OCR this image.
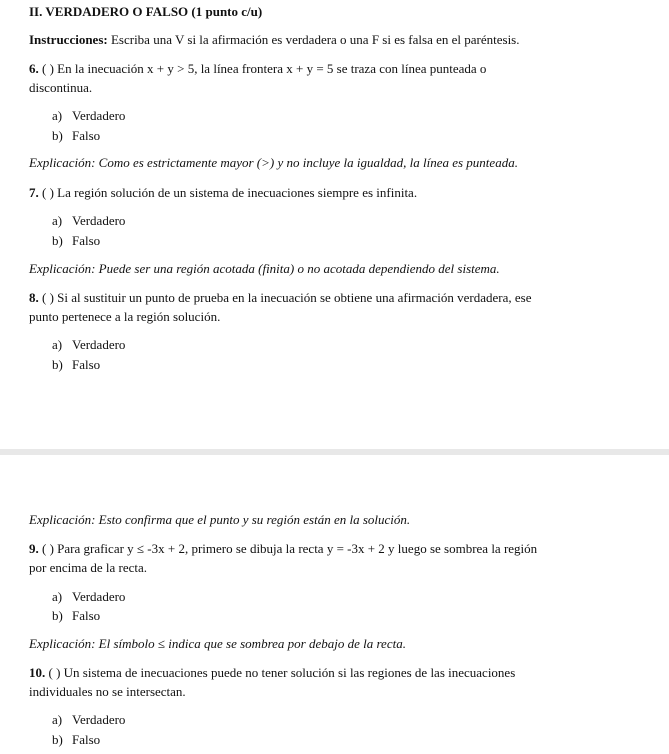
II. VERDADERO O FALSO (1 punto c/u)
Instrucciones: Escriba una V si la afirmación es verdadera o una F si es falsa en el paréntesis.
6. ( ) En la inecuación x + y > 5, la línea frontera x + y = 5 se traza con línea punteada o
discontinua.
a) Verdadero
b) Falso
Explicación: Como es estrictamente mayor (>) y no incluye la igualdad, la línea es punteada.
7. ( ) La región solución de un sistema de inecuaciones siempre es infinita.
a) Verdadero
b) Falso
Explicación: Puede ser una región acotada (finita) o no acotada dependiendo del sistema.
8. ( ) Si al sustituir un punto de prueba en la inecuación se obtiene una afirmación verdadera, ese
punto pertenece a la región solución.
a) Verdadero
b) Falso
Explicación: Esto confirma que el punto y su región están en la solución.
9. ( ) Para graficar y ≤ -3x + 2, primero se dibuja la recta y = -3x + 2 y luego se sombrea la región
por encima de la recta.
a) Verdadero
b) Falso
Explicación: El símbolo ≤ indica que se sombrea por debajo de la recta.
10. ( ) Un sistema de inecuaciones puede no tener solución si las regiones de las inecuaciones
individuales no se intersectan.
a) Verdadero
b) Falso
